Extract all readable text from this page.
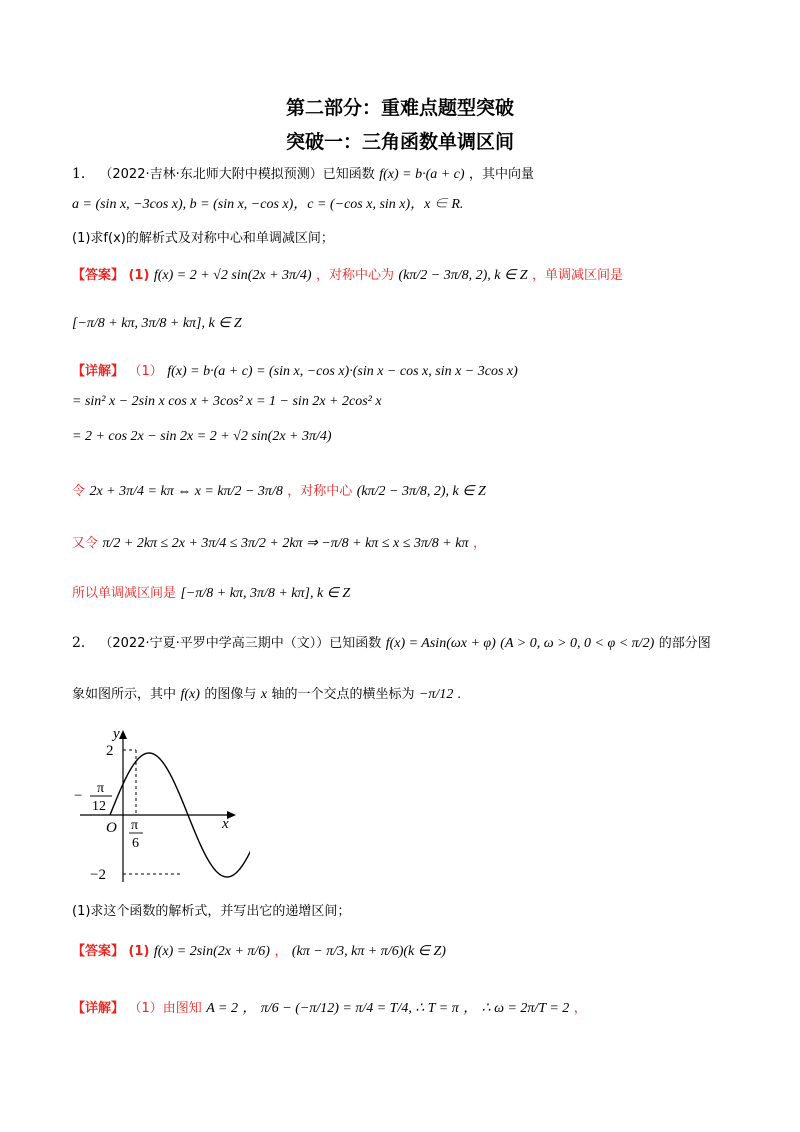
第二部分：重难点题型突破
突破一：三角函数单调区间
1． （2022·吉林·东北师大附中模拟预测）已知函数 f(x) = b·(a + c) ，其中向量
a = (sin x, −3cos x), b = (sin x, −cos x)，c = (−cos x, sin x)，x ∈ R.
(1)求f(x)的解析式及对称中心和单调减区间；
【答案】 (1) f(x) = 2 + √2 sin(2x + 3π/4) ，对称中心为 (kπ/2 − 3π/8, 2), k ∈ Z ，单调减区间是
[−π/8 + kπ, 3π/8 + kπ], k ∈ Z
【详解】 （1） f(x) = b·(a + c) = (sin x, −cos x)·(sin x − cos x, sin x − 3cos x)
= sin² x − 2sin x cos x + 3cos² x = 1 − sin 2x + 2cos² x
= 2 + cos 2x − sin 2x = 2 + √2 sin(2x + 3π/4)
令 2x + 3π/4 = kπ ⇔ x = kπ/2 − 3π/8 ，对称中心 (kπ/2 − 3π/8, 2), k ∈ Z
又令 π/2 + 2kπ ≤ 2x + 3π/4 ≤ 3π/2 + 2kπ ⇒ −π/8 + kπ ≤ x ≤ 3π/8 + kπ ，
所以单调减区间是 [−π/8 + kπ, 3π/8 + kπ], k ∈ Z
2． （2022·宁夏·平罗中学高三期中（文））已知函数 f(x) = Asin(ωx + φ) (A > 0, ω > 0, 0 < φ < π/2) 的部分图
象如图所示，其中 f(x) 的图像与 x 轴的一个交点的横坐标为 −π/12 .
y
x
O
2
−2
π
6
− π
12
(1)求这个函数的解析式，并写出它的递增区间；
【答案】 (1) f(x) = 2sin(2x + π/6) ， (kπ − π/3, kπ + π/6)(k ∈ Z)
【详解】 （1）由图知 A = 2 ， π/6 − (−π/12) = π/4 = T/4, ∴ T = π ， ∴ ω = 2π/T = 2 ，
